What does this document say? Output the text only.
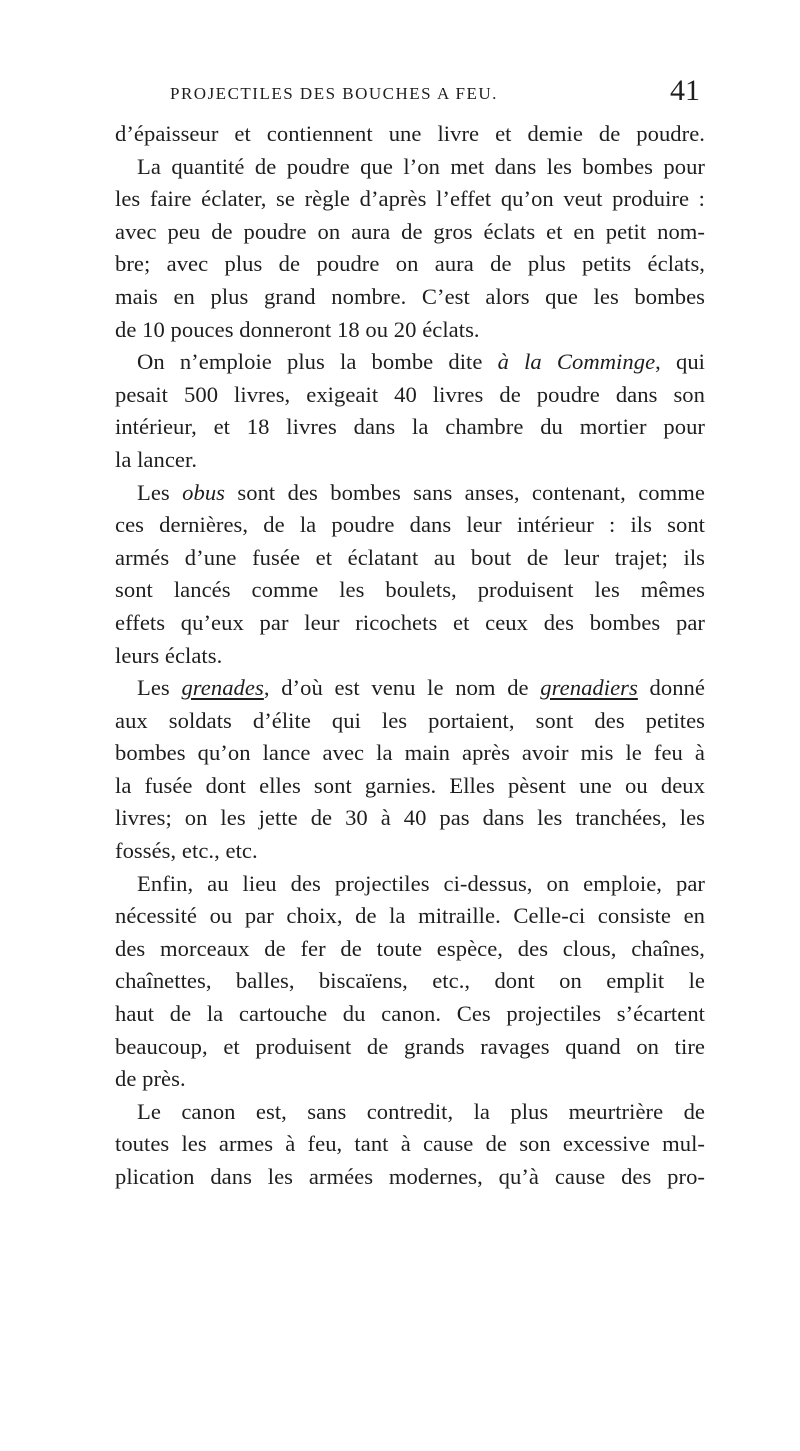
PROJECTILES DES BOUCHES A FEU.	41
d’épaisseur et contiennent une livre et demie de poudre.
La quantité de poudre que l’on met dans les bombes pour
les faire éclater, se règle d’après l’effet qu’on veut produire :
avec peu de poudre on aura de gros éclats et en petit nom-
bre; avec plus de poudre on aura de plus petits éclats,
mais en plus grand nombre. C’est alors que les bombes
de 10 pouces donneront 18 ou 20 éclats.
On n’emploie plus la bombe dite à la Comminge, qui
pesait 500 livres, exigeait 40 livres de poudre dans son
intérieur, et 18 livres dans la chambre du mortier pour
la lancer.
Les obus sont des bombes sans anses, contenant, comme
ces dernières, de la poudre dans leur intérieur : ils sont
armés d’une fusée et éclatant au bout de leur trajet; ils
sont lancés comme les boulets, produisent les mêmes
effets qu’eux par leur ricochets et ceux des bombes par
leurs éclats.
Les grenades, d’où est venu le nom de grenadiers donné
aux soldats d’élite qui les portaient, sont des petites
bombes qu’on lance avec la main après avoir mis le feu à
la fusée dont elles sont garnies. Elles pèsent une ou deux
livres; on les jette de 30 à 40 pas dans les tranchées, les
fossés, etc., etc.
Enfin, au lieu des projectiles ci-dessus, on emploie, par
nécessité ou par choix, de la mitraille. Celle-ci consiste en
des morceaux de fer de toute espèce, des clous, chaînes,
chaînettes, balles, biscaïens, etc., dont on emplit le
haut de la cartouche du canon. Ces projectiles s’écartent
beaucoup, et produisent de grands ravages quand on tire
de près.
Le canon est, sans contredit, la plus meurtrière de
toutes les armes à feu, tant à cause de son excessive mul-
plication dans les armées modernes, qu’à cause des pro-
